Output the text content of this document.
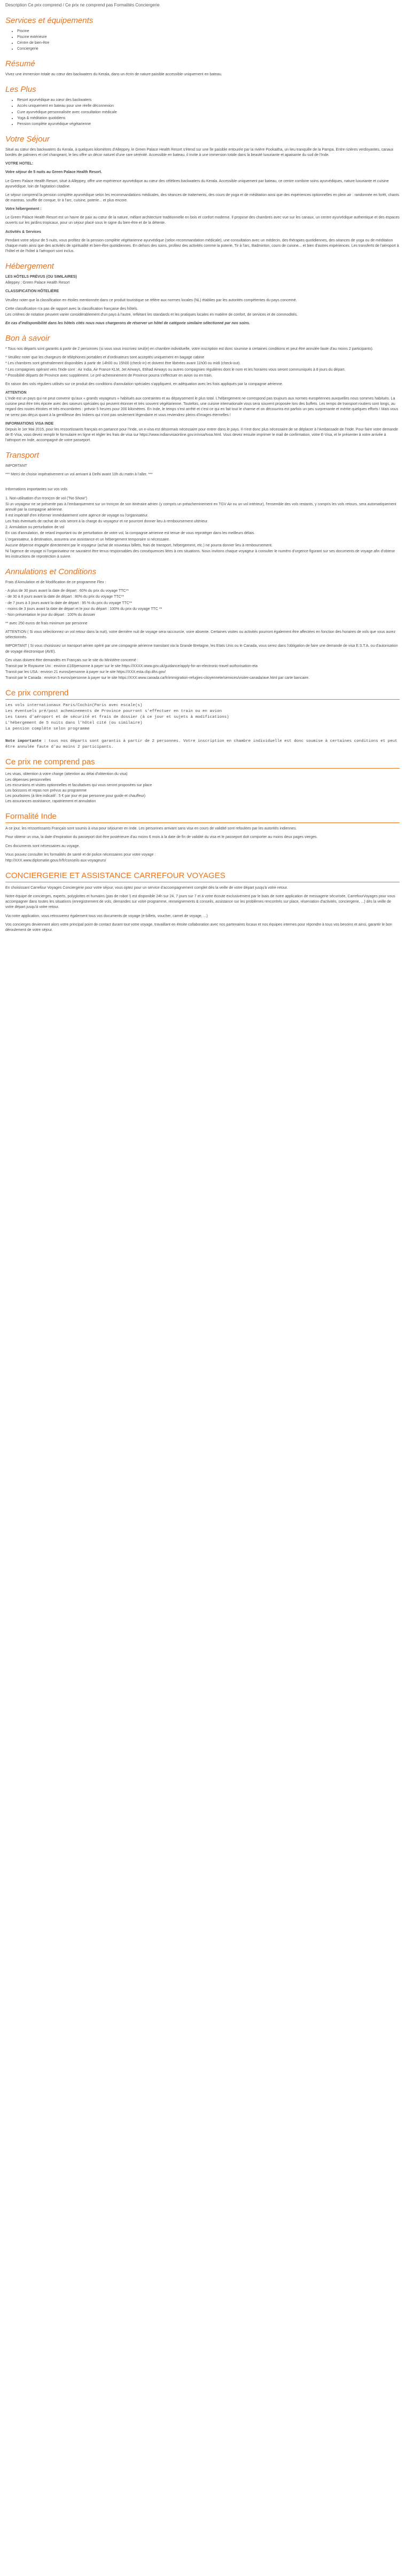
Description Ce prix comprend / Ce prix ne comprend pas Formalités Conciergerie

Services et équipements
• Piscine
• Piscine extérieure
• Centre de bien-être
• Conciergerie
Résumé

Vivez une immersion totale au cœur des backwaters du Kerala, dans un écrin de nature paisible accessible uniquement en bateau.

Les Plus
• Resort ayurvédique au cœur des backwaters
• Accès uniquement en bateau pour une réelle déconnexion
• Cure ayurvédique personnalisée avec consultation médicale
• Yoga & méditation quotidiens
• Pension complète ayurvédique végétarienne
Votre Séjour

Situé au cœur des backwaters du Kerala, à quelques kilomètres d'Alleppey, le Green Palace Health Resort s'étend sur une île paisible entourée par la rivière Pookaitha, un lieu tranquille de la Pampa. Entre rizières verdoyantes, canaux bordés de palmiers et ciel changeant, le lieu offre un décor naturel d'une rare sérénité. Accessible en bateau, il invite à une immersion totale dans la beauté luxuriante et apaisante du sud de l'Inde.

VOTRE HOTEL:

Votre séjour de 5 nuits au Green Palace Health Resort.

Le Green Palace Health Resort, situé à Alleppey, offre une expérience ayurvédique au cœur des célèbres backwaters du Kerala. Accessible uniquement par bateau, ce centre combine soins ayurvédiques, nature luxuriante et cuisine ayurvédique, loin de l'agitation citadine.

Le séjour comprend la pension complète ayurvédique selon les recommandations médicales, des séances de traitements, des cours de yoga et de méditation ainsi que des expériences optionnelles en plein air : randonnée en forêt, chants de mantras, souffle de conque, tir à l'arc, cuisine, poterie... et plus encore.

Votre hébergement :

Le Green Palace Health Resort est un havre de paix au cœur de la nature, mêlant architecture traditionnelle en bois et confort moderne. Il propose des chambres avec vue sur les canaux, un centre ayurvédique authentique et des espaces ouverts sur les jardins tropicaux, pour un séjour placé sous le signe du bien-être et de la détente.

Activités & Services

Pendant votre séjour de 5 nuits, vous profitez de la pension complète végétarienne ayurvédique (selon recommandation médicale), une consultation avec un médecin, des thérapies quotidiennes, des séances de yoga ou de méditation chaque matin ainsi que des activités de spiritualité et bien-être quotidiennes. En dehors des soins, profitez des activités comme la poterie, Tir à l'arc, Badminton, cours de cuisine... et bien d'autres expériences. Les transferts de l'aéroport à l'hôtel et de l'hôtel à l'aéroport sont inclus.

Hébergement

LES HÔTELS PRÉVUS (OU SIMILAIRES)

Alleppey : Green Palace Health Resort

CLASSIFICATION HÔTELIÈRE

Veuillez noter que la classification en étoiles mentionnée dans ce produit touristique se réfère aux normes locales (NL) établies par les autorités compétentes du pays concerné.

Cette classification n'a pas de rapport avec la classification française des hôtels.

Les critères de notation peuvent varier considérablement d'un pays à l'autre, reflétant les standards et les pratiques locales en matière de confort, de services et de commodités.

En cas d'indisponibilité dans les hôtels cités nous nous chargerons de réserver un hôtel de catégorie similaire sélectionné par nos soins.

Bon à savoir

* Tous nos départs sont garantis à partir de 2 personnes (si vous vous inscrivez seul(e) en chambre individuelle, votre inscription est donc soumise à certaines conditions et peut être annulée faute d'au moins 2 participants).

* Veuillez noter que les chargeurs de téléphones portables et d'ordinateurs sont acceptés uniquement en bagage cabine

* Les chambres sont généralement disponibles à partir de 14h00 ou 15h00 (check-in) et doivent être libérées avant 11h00 ou midi (check-out).

* Les compagnies opérant vers l'Inde sont : Air India, Air France KLM, Jet Airways, Etihad Airways ou autres compagnies régulières dont le nom et les horaires vous seront communiqués à 8 jours du départ.

* Possibilité départs de Province avec supplément. Le pré-acheminement de Province pourra s'effectuer en avion ou en train.

En raison des vols réguliers utilisés sur ce produit des conditions d'annulation spéciales s'appliquent, en adéquation avec les frais appliqués par la compagnie aérienne.

ATTENTION

L'Inde est un pays qui ne peut convenir qu'aux « grands voyageurs » habitués aux contraintes et au dépaysement le plus total. L'hébergement ne correspond pas toujours aux normes européennes auxquelles nous sommes habitués. La cuisine peut être très épicée avec des saveurs spéciales qui peuvent étonner et très souvent végétarienne. Toutefois, une cuisine internationale vous sera souvent proposée lors des buffets. Les temps de transport routiers sont longs, au regard des routes étroites et très encombrées : prévoir 5 heures pour 200 kilomètres. En Inde, le temps s'est arrêté et c'est ce qui en fait tout le charme et on découvrira est parfois un peu surprenante et mérite quelques efforts ! Mais vous ne serez pas déçus quant à la gentillesse des Indiens qui n'ont pas seulement légendaire et vous reviendrez pleins d'images éternelles !

INFORMATIONS VISA INDE

Depuis le 1er Mai 2015, pour les ressortissants français en partance pour l'Inde, un e-visa est désormais nécessaire pour entrer dans le pays. Il n'est donc plus nécessaire de se déplacer à l'Ambassade de l'Inde. Pour faire votre demande de E-Visa, vous devez remplir le formulaire en ligne et régler les frais de visa sur https://www.indianvisaonline.gov.in/visa/tvoa.html. Vous devez ensuite imprimer le mail de confirmation, votre E-Visa, et le présenter à votre arrivée à l'aéroport en Inde, accompagné de votre passeport.

Transport

IMPORTANT

*** Merci de choisir impérativement un vol arrivant à Delhi avant 10h du matin à l'aller. ***

Informations importantes sur vos vols

1. Non-utilisation d'un tronçon de vol ("No Show")

Si un voyageur ne se présente pas à l'embarquement sur un tronçon de son itinéraire aérien (y compris un préacheminement en TGV Air ou un vol intérieur), l'ensemble des vols restants, y compris les vols retours, sera automatiquement annulé par la compagnie aérienne.

Il est impératif d'en informer immédiatement votre agence de voyage ou l'organisateur.

Les frais éventuels de rachat de vols seront à la charge du voyageur et ne pourront donner lieu à remboursement ultérieur.

2. Annulation ou perturbation de vol

En cas d'annulation, de retard important ou de perturbation de votre vol, la compagnie aérienne est tenue de vous reprotéger dans les meilleurs délais.

L'organisateur, à destination, assurera une assistance et un hébergement temporaire si nécessaire.

Aucune dépense engagée directement par le voyageur (achat de nouveaux billets, frais de transport, hébergement, etc.) ne pourra donner lieu à remboursement.

Ni l'agence de voyage ni l'organisateur ne sauraient être tenus responsables des conséquences liées à ces situations. Nous invitons chaque voyageur à consulter le numéro d'urgence figurant sur ses documents de voyage afin d'obtenir les instructions de reprotection à suivre.

Annulations et Conditions

Frais d'Annulation et de Modification de ce programme Flex :

- A plus de 30 jours avant la date de départ : 60% du prix du voyage TTC**

- de 30 à 8 jours avant la date de départ : 80% du prix du voyage TTC**

- de 7 jours à 3 jours avant la date de départ : 95 % du prix du voyage TTC**

- moins de 3 jours avant la date de départ et le jour du départ : 100% du prix du voyage TTC **

- Non présentation le jour du départ : 100% du dossier

** avec 250 euros de frais minimum par personne

ATTENTION ( Si vous sélectionnez un vol retour dans la nuit), votre dernière nuit de voyage sera raccourcie, voire absente. Certaines visites ou activités pourront également être affectées en fonction des horaires de vols que vous aurez sélectionnés.

IMPORTANT ( Si vous choisissez un transport aérien opéré par une compagnie aérienne transitant via la Grande Bretagne, les Etats Unis ou le Canada, vous serez dans l'obligation de faire une demande de visa E.S.T.A. ou d'autorisation de voyage électronique (AVE).

Ces visas doivent être demandés en Français sur le site du Ministère concerné :

Transit par le Royaume Uni : environ £16/personne à payer sur le site https://XXXX.www.gov.uk/guidance/apply-for-an-electronic-travel-authorisation-eta

Transit par les USA : environ 21 euros/personne à payer sur le site https://XXX.esta.cbp.dhs.gov/

Transit par le Canada : environ 5 euros/personne à payer sur le site https://XXX.www.canada.ca/fr/immigration-refugies-citoyennete/services/visiter-canada/ave.html par carte bancaire.

Ce prix comprend
Les vols internationaux Paris/Cochin(Paris avec escale(s)
Les éventuels pré/post acheminements de Province pourront s'effectuer en train ou en avion
Les taxes d'aéroport et de sécurité et frais de dossier (à ce jour et sujets à modifications)
L'hébergement de 5 nuits dans l'hôtel cité (ou similaire)
La pension complète selon programme
Note importante : tous nos départs sont garantis à partir de 2 personnes. Votre inscription en chambre individuelle est donc soumise à certaines conditions et peut être annulée faute d'au moins 2 participants.
Ce prix ne comprend pas
Les visas, obtention à votre charge (attention au délai d'obtention du visa)
Les dépenses personnelles
Les excursions et visites optionnelles et facultatives qui vous seront proposées sur place
Les boissons et repas non prévus au programme
Les pourboires (à titre indicatif : 5 € par jour et par personne pour guide et chauffeur)
Les assurances assistance, rapatriement et annulation
Formalité Inde

A ce jour, les ressortissants Français sont soumis à visa pour séjourner en Inde. Les personnes arrivant sans visa en cours de validité sont refoulées par les autorités indiennes.

Pour obtenir un visa, la date d'expiration du passeport doit être postérieure d'au moins 6 mois à la date de fin de validité du visa et le passeport doit comporter au moins deux pages vierges.

Ces documents sont nécessaires au voyage.

Vous pouvez consulter les formalités de santé et de police nécessaires pour votre voyage :

http://XXX.www.diplomatie.gouv.fr/fr/conseils-aux-voyageurs/

CONCIERGERIE ET ASSISTANCE CARREFOUR VOYAGES

En choisissant Carrefour Voyages Conciergerie pour votre séjour, vous optez pour un service d'accompagnement complet dès la veille de votre départ jusqu'à votre retour.

Notre équipe de concierges, experts, polyglottes et humains (pas de robot !) est disponible 24h sur 24, 7 jours sur 7 et à votre écoute exclusivement par le biais de notre application de messagerie sécurisée, CarrefourVoyages pour vous accompagner dans toutes les situations (enregistrement de vols, demandes sur votre programme, renseignements & conseils, assistance sur les problèmes rencontrés sur place, réservation d'activités, conciergerie, ...) dès la veille de votre départ jusqu'à votre retour.

Via notre application, vous retrouverez également tous vos documents de voyage (e-billets, voucher, carnet de voyage, ...)

Vos concierges deviennent alors votre principal point de contact durant tout votre voyage, travaillant en étroite collaboration avec nos partenaires locaux et nos équipes internes pour répondre à tous vos besoins et ainsi, garantir le bon déroulement de votre séjour.
